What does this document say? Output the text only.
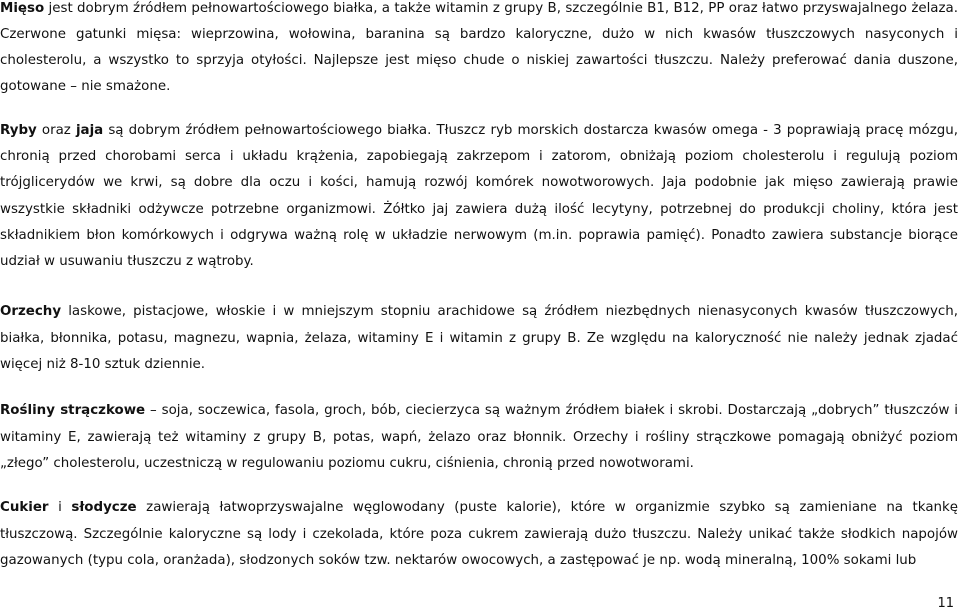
Mięso jest dobrym źródłem pełnowartościowego białka, a także witamin z grupy B, szczególnie B1, B12, PP oraz łatwo przyswajalnego żelaza. Czerwone gatunki mięsa: wieprzowina, wołowina, baranina są bardzo kaloryczne, dużo w nich kwasów tłuszczowych nasyconych i cholesterolu, a wszystko to sprzyja otyłości. Najlepsze jest mięso chude o niskiej zawartości tłuszczu. Należy preferować dania duszone, gotowane – nie smażone.

Ryby oraz jaja są dobrym źródłem pełnowartościowego białka. Tłuszcz ryb morskich dostarcza kwasów omega - 3 poprawiają pracę mózgu, chronią przed chorobami serca i układu krążenia, zapobiegają zakrzepom i zatorom, obniżają poziom cholesterolu i regulują poziom trójglicerydów we krwi, są dobre dla oczu i kości, hamują rozwój komórek nowotworowych. Jaja podobnie jak mięso zawierają prawie wszystkie składniki odżywcze potrzebne organizmowi. Żółtko jaj zawiera dużą ilość lecytyny, potrzebnej do produkcji choliny, która jest składnikiem błon komórkowych i odgrywa ważną rolę w układzie nerwowym (m.in. poprawia pamięć). Ponadto zawiera substancje biorące udział w usuwaniu tłuszczu z wątroby.

Orzechy laskowe, pistacjowe, włoskie i w mniejszym stopniu arachidowe są źródłem niezbędnych nienasyconych kwasów tłuszczowych, białka, błonnika, potasu, magnezu, wapnia, żelaza, witaminy E i witamin z grupy B. Ze względu na kaloryczność nie należy jednak zjadać więcej niż 8-10 sztuk dziennie.

Rośliny strączkowe – soja, soczewica, fasola, groch, bób, ciecierzyca są ważnym źródłem białek i skrobi. Dostarczają „dobrych” tłuszczów i witaminy E, zawierają też witaminy z grupy B, potas, wapń, żelazo oraz błonnik. Orzechy i rośliny strączkowe pomagają obniżyć poziom „złego” cholesterolu, uczestniczą w regulowaniu poziomu cukru, ciśnienia, chronią przed nowotworami.

Cukier i słodycze zawierają łatwoprzyswajalne węglowodany (puste kalorie), które w organizmie szybko są zamieniane na tkankę tłuszczową. Szczególnie kaloryczne są lody i czekolada, które poza cukrem zawierają dużo tłuszczu. Należy unikać także słodkich napojów gazowanych (typu cola, oranżada), słodzonych soków tzw. nektarów owocowych, a zastępować je np. wodą mineralną, 100% sokami lub

11
